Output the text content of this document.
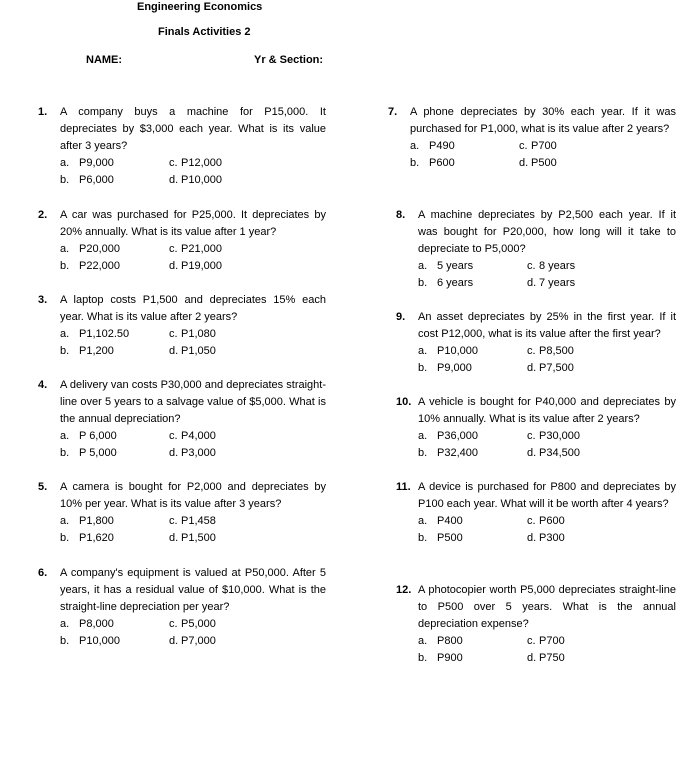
Engineering Economics
Finals Activities 2
NAME:	Yr & Section:
1.	A company buys a machine for P15,000. It depreciates by $3,000 each year. What is its value after 3 years?
a. P9,000	c. P12,000
b. P6,000	d. P10,000
2.	A car was purchased for P25,000. It depreciates by 20% annually. What is its value after 1 year?
a. P20,000	c. P21,000
b. P22,000	d. P19,000
3.	A laptop costs P1,500 and depreciates 15% each year. What is its value after 2 years?
a. P1,102.50	c. P1,080
b. P1,200	d. P1,050
4.	A delivery van costs P30,000 and depreciates straight-line over 5 years to a salvage value of $5,000. What is the annual depreciation?
a. P 6,000	c. P4,000
b. P 5,000	d. P3,000
5.	A camera is bought for P2,000 and depreciates by 10% per year. What is its value after 3 years?
a. P1,800	c. P1,458
b. P1,620	d. P1,500
6.	A company's equipment is valued at P50,000. After 5 years, it has a residual value of $10,000. What is the straight-line depreciation per year?
a. P8,000	c. P5,000
b. P10,000	d. P7,000
7.	A phone depreciates by 30% each year. If it was purchased for P1,000, what is its value after 2 years?
a. P490	c. P700
b. P600	d. P500
8.	A machine depreciates by P2,500 each year. If it was bought for P20,000, how long will it take to depreciate to P5,000?
a. 5 years	c. 8 years
b. 6 years	d. 7 years
9.	An asset depreciates by 25% in the first year. If it cost P12,000, what is its value after the first year?
a. P10,000	c. P8,500
b. P9,000	d. P7,500
10. A vehicle is bought for P40,000 and depreciates by 10% annually. What is its value after 2 years?
a. P36,000	c. P30,000
b. P32,400	d. P34,500
11. A device is purchased for P800 and depreciates by P100 each year. What will it be worth after 4 years?
a. P400	c. P600
b. P500	d. P300
12. A photocopier worth P5,000 depreciates straight-line to P500 over 5 years. What is the annual depreciation expense?
a. P800	c. P700
b. P900	d. P750
